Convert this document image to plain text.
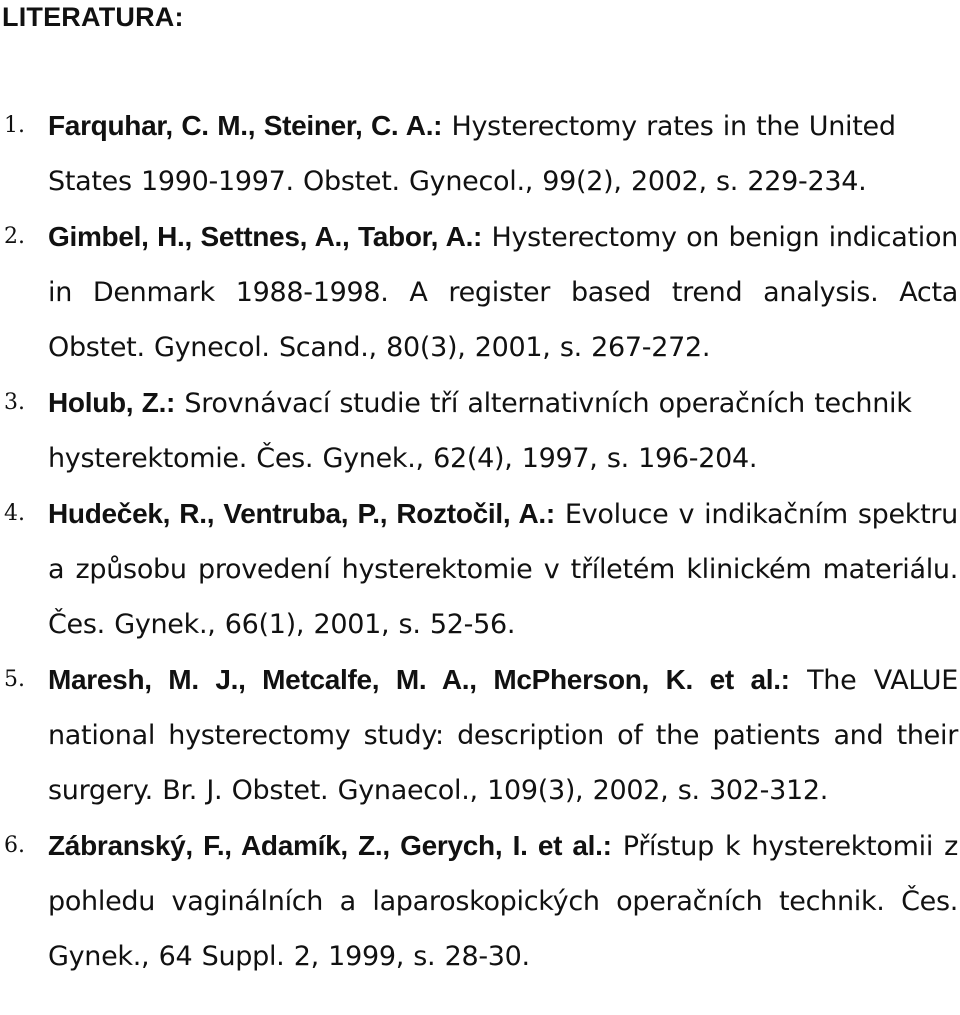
LITERATURA:
1. Farquhar, C. M., Steiner, C. A.: Hysterectomy rates in the United States 1990-1997. Obstet. Gynecol., 99(2), 2002, s. 229-234.
2. Gimbel, H., Settnes, A., Tabor, A.: Hysterectomy on benign indication in Denmark 1988-1998. A register based trend analysis. Acta Obstet. Gynecol. Scand., 80(3), 2001, s. 267-272.
3. Holub, Z.: Srovnávací studie tří alternativních operačních technik hysterektomie. Čes. Gynek., 62(4), 1997, s. 196-204.
4. Hudeček, R., Ventruba, P., Roztočil, A.: Evoluce v indikačním spektru a způsobu provedení hysterektomie v tříletém klinickém materiálu. Čes. Gynek., 66(1), 2001, s. 52-56.
5. Maresh, M. J., Metcalfe, M. A., McPherson, K. et al.: The VALUE national hysterectomy study: description of the patients and their surgery. Br. J. Obstet. Gynaecol., 109(3), 2002, s. 302-312.
6. Zábranský, F., Adamík, Z., Gerych, I. et al.: Přístup k hysterektomii z pohledu vaginálních a laparoskopických operačních technik. Čes. Gynek., 64 Suppl. 2, 1999, s. 28-30.
